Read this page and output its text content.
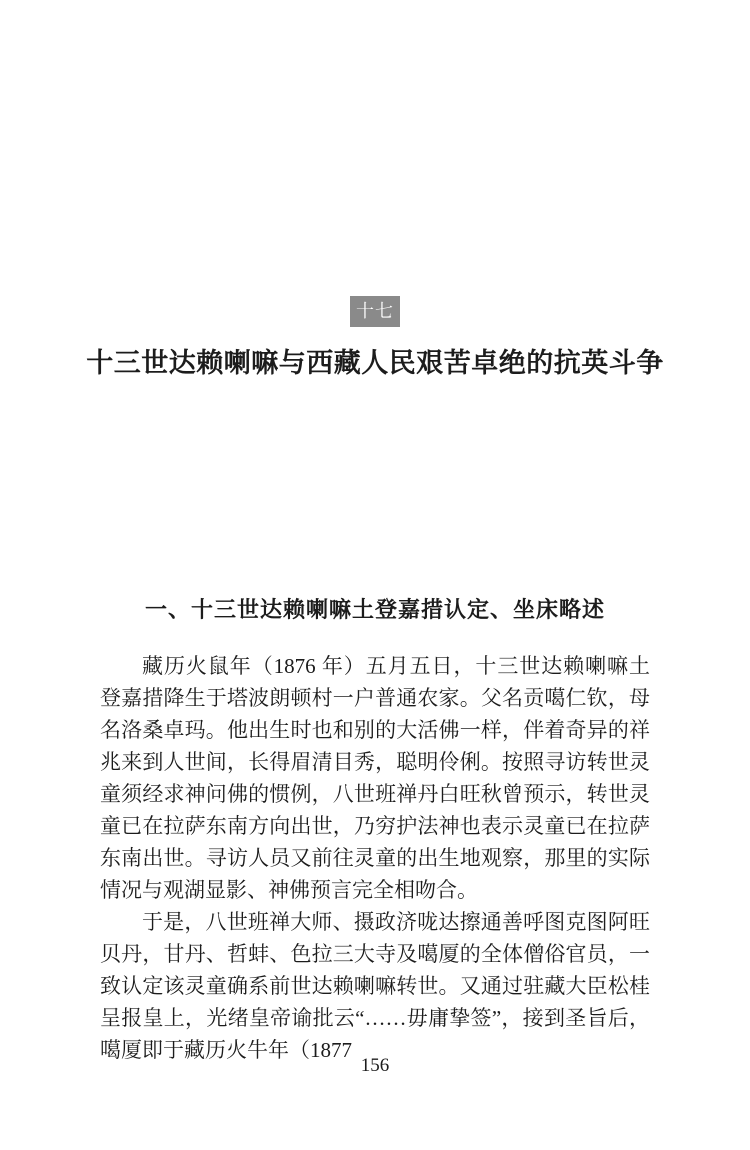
十七
十三世达赖喇嘛与西藏人民艰苦卓绝的抗英斗争
一、十三世达赖喇嘛土登嘉措认定、坐床略述

藏历火鼠年（1876 年）五月五日，十三世达赖喇嘛土登嘉措降生于塔波朗顿村一户普通农家。父名贡噶仁钦，母名洛桑卓玛。他出生时也和别的大活佛一样，伴着奇异的祥兆来到人世间，长得眉清目秀，聪明伶俐。按照寻访转世灵童须经求神问佛的惯例，八世班禅丹白旺秋曾预示，转世灵童已在拉萨东南方向出世，乃穷护法神也表示灵童已在拉萨东南出世。寻访人员又前往灵童的出生地观察，那里的实际情况与观湖显影、神佛预言完全相吻合。

于是，八世班禅大师、摄政济咙达擦通善呼图克图阿旺贝丹，甘丹、哲蚌、色拉三大寺及噶厦的全体僧俗官员，一致认定该灵童确系前世达赖喇嘛转世。又通过驻藏大臣松桂呈报皇上，光绪皇帝谕批云“……毋庸挚签”，接到圣旨后，噶厦即于藏历火牛年（1877

156
